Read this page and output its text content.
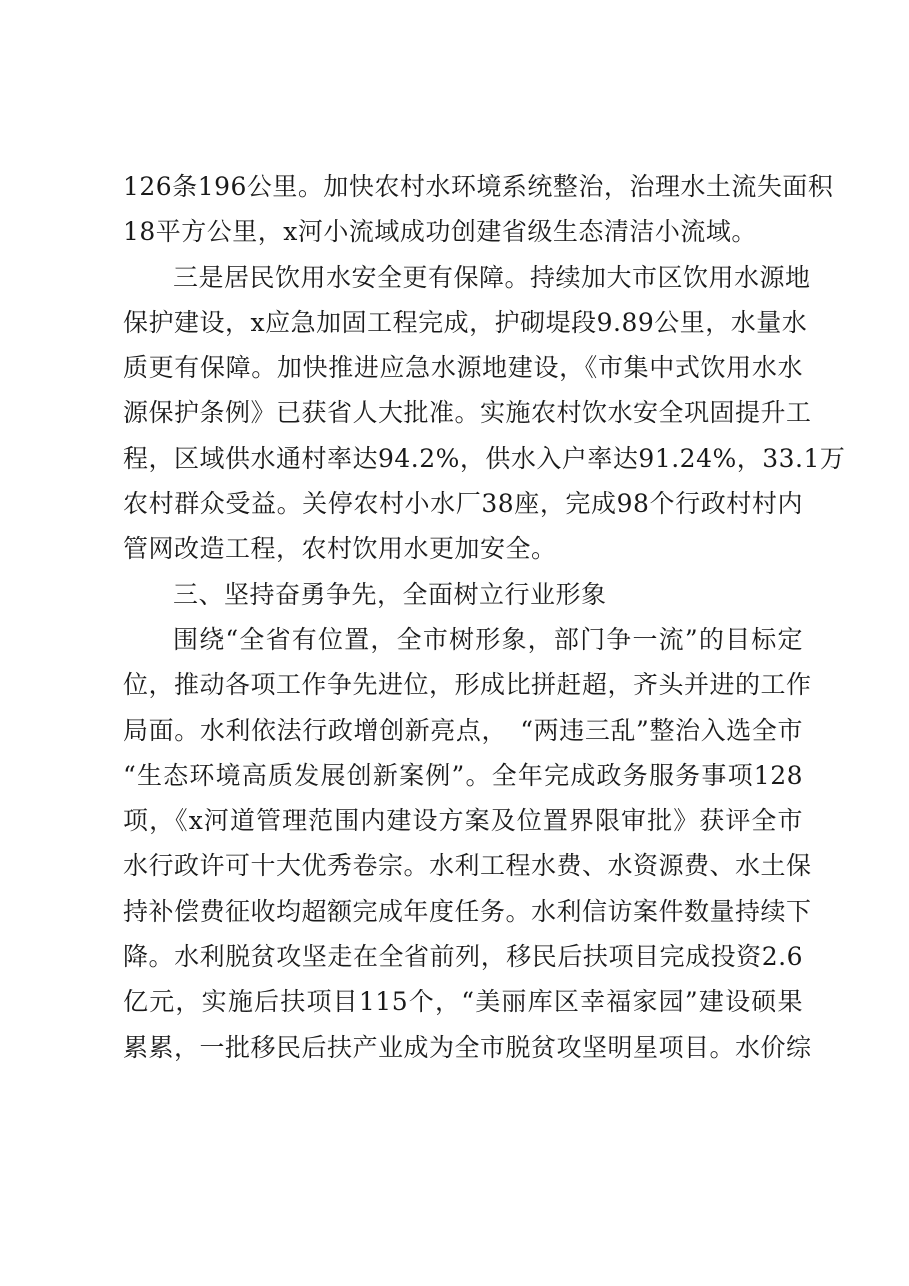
126条196公里。加快农村水环境系统整治，治理水土流失面积
18平方公里，x河小流域成功创建省级生态清洁小流域。
三是居民饮用水安全更有保障。持续加大市区饮用水源地
保护建设，x应急加固工程完成，护砌堤段9.89公里，水量水
质更有保障。加快推进应急水源地建设，《市集中式饮用水水
源保护条例》已获省人大批准。实施农村饮水安全巩固提升工
程，区域供水通村率达94.2%，供水入户率达91.24%，33.1万
农村群众受益。关停农村小水厂38座，完成98个行政村村内
管网改造工程，农村饮用水更加安全。
三、坚持奋勇争先，全面树立行业形象
围绕“全省有位置，全市树形象，部门争一流”的目标定
位，推动各项工作争先进位，形成比拼赶超，齐头并进的工作
局面。水利依法行政增创新亮点，　“两违三乱”整治入选全市
“生态环境高质发展创新案例”。全年完成政务服务事项128
项，《x河道管理范围内建设方案及位置界限审批》获评全市
水行政许可十大优秀卷宗。水利工程水费、水资源费、水土保
持补偿费征收均超额完成年度任务。水利信访案件数量持续下
降。水利脱贫攻坚走在全省前列，移民后扶项目完成投资2.6
亿元，实施后扶项目115个，“美丽库区幸福家园”建设硕果
累累，一批移民后扶产业成为全市脱贫攻坚明星项目。水价综
